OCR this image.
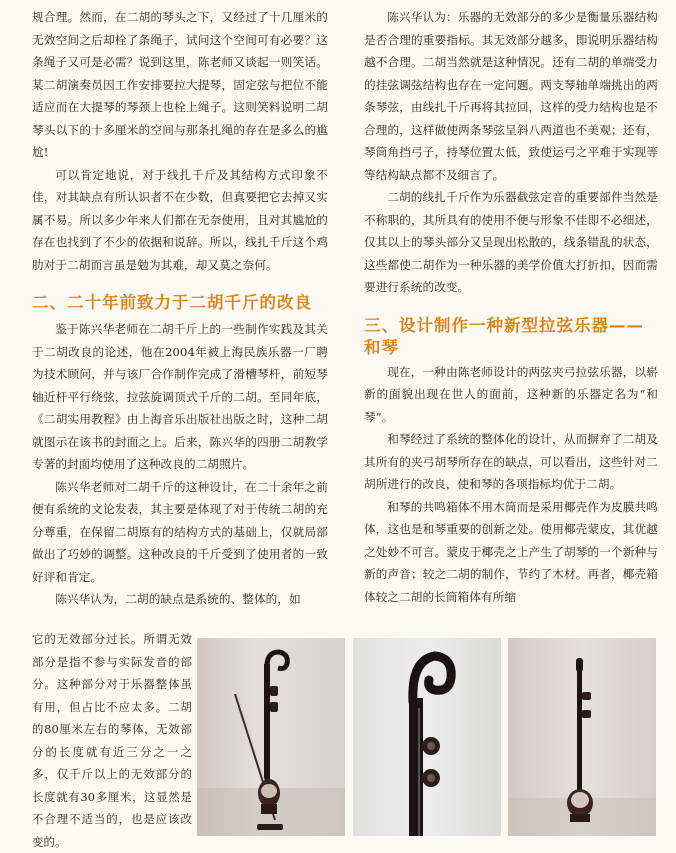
规合理。然而，在二胡的琴头之下，又经过了十几厘米的无效空间之后却栓了条绳子，试问这个空间可有必要？这条绳子又可是必需？说到这里，陈老师又谈起一则笑话。某二胡演奏员因工作安排要拉大提琴，固定弦与把位不能适应而在大提琴的琴颈上也栓上绳子。这则笑料说明二胡琴头以下的十多厘米的空间与那条扎绳的存在是多么的尴尬!

可以肯定地说，对于线扎千斤及其结构方式印象不佳，对其缺点有所认识者不在少数，但真要把它去掉又实属不易。所以多少年来人们都在无奈使用，且对其尴尬的存在也找到了不少的依据和说辞。所以，线扎千斤这个鸡肋对于二胡而言虽是勉为其难，却又莫之奈何。

二、二十年前致力于二胡千斤的改良

鉴于陈兴华老师在二胡千斤上的一些制作实践及其关于二胡改良的论述，他在2004年被上海民族乐器一厂聘为技术顾问，并与该厂合作制作完成了滑槽琴杆，前短琴轴近杆平行绕弦，拉弦旋调顶式千斤的二胡。至同年底，《二胡实用教程》由上海音乐出版社出版之时，这种二胡就图示在该书的封面之上。后来，陈兴华的四册二胡教学专著的封面均使用了这种改良的二胡照片。

陈兴华老师对二胡千斤的这种设计，在二十余年之前便有系统的文论发表，其主要是体现了对于传统二胡的充分尊重，在保留二胡原有的结构方式的基础上，仅就局部做出了巧妙的调整。这种改良的千斤受到了使用者的一致好评和肯定。

陈兴华认为，二胡的缺点是系统的、整体的，如

它的无效部分过长。所谓无效部分是指不参与实际发音的部分。这种部分对于乐器整体虽有用，但占比不应太多。二胡的80厘米左右的琴体，无效部分的长度就有近三分之一之多，仅千斤以上的无效部分的长度就有30多厘米，这显然是不合理不适当的，也是应该改变的。

陈兴华认为：乐器的无效部分的多少是衡量乐器结构是否合理的重要指标。其无效部分越多，即说明乐器结构越不合理。二胡当然就是这种情况。还有二胡的单端受力的挂弦调弦结构也存在一定问题。两支琴轴单端挑出的两条琴弦，由线扎千斤再将其拉回，这样的受力结构也是不合理的，这样做使两条琴弦呈斜八两道也不美观；还有，琴筒角挡弓子，持琴位置太低，致使运弓之平难于实现等等结构缺点都不及细言了。

二胡的线扎千斤作为乐器截弦定音的重要部件当然是不称职的，其所具有的使用不便与形象不佳即不必细述，仅其以上的琴头部分又呈现出松散的，线条错乱的状态，这些都使二胡作为一种乐器的美学价值大打折扣，因而需要进行系统的改变。

三、设计制作一种新型拉弦乐器——
和琴

现在，一种由陈老师设计的两弦夹弓拉弦乐器，以崭新的面貌出现在世人的面前，这种新的乐器定名为“和琴”。

和琴经过了系统的整体化的设计，从而摒弃了二胡及其所有的夹弓胡琴所存在的缺点，可以看出，这些针对二胡所进行的改良，使和琴的各项指标均优于二胡。

和琴的共鸣箱体不用木筒而是采用椰壳作为皮膜共鸣体，这也是和琴重要的创新之处。使用椰壳蒙皮，其优越之处妙不可言。蒙皮于椰壳之上产生了胡琴的一个新种与新的声音；较之二胡的制作，节约了木材。再者，椰壳箱体较之二胡的长筒箱体有所缩
